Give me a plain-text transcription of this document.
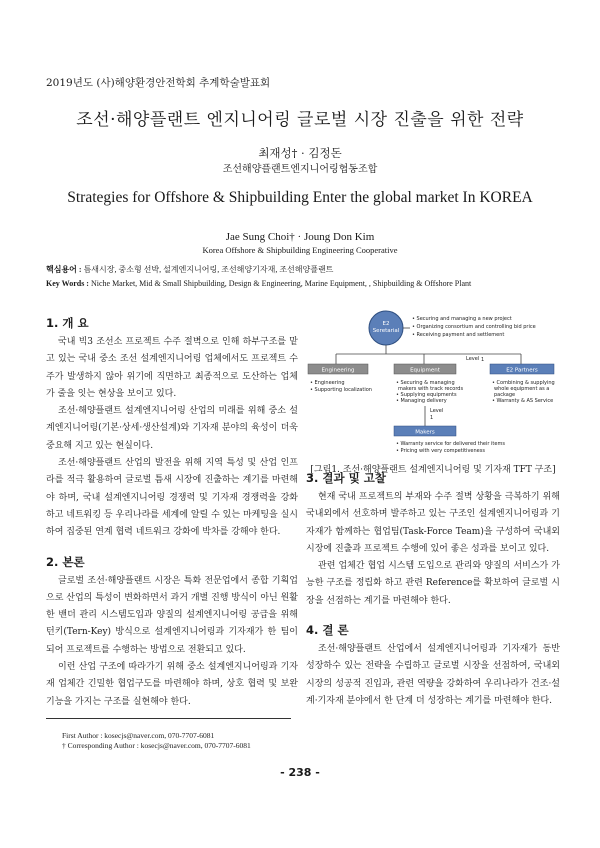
2019년도 (사)해양환경안전학회 추계학술발표회
조선·해양플랜트 엔지니어링 글로벌 시장 진출을 위한 전략
최재성† · 김정돈
조선해양플랜트엔지니어링협동조합
Strategies for Offshore & Shipbuilding Enter the global market In KOREA
Jae Sung Choi† · Joung Don Kim
Korea Offshore & Shipbuilding Engineering Cooperative
핵심용어 : 틈새시장, 중소형 선박, 설계엔지니어링, 조선해양기자재, 조선해양플랜트
Key Words : Niche Market, Mid & Small Shipbuilding, Design & Engineering, Marine Equipment, , Shipbuilding & Offshore Plant
1. 개 요

국내 빅3 조선소 프로젝트 수주 절벽으로 인해 하부구조를 맡고 있는 국내 중소 조선 설계엔지니어링 업체에서도 프로젝트 수주가 발생하지 않아 위기에 직면하고 최종적으로 도산하는 업체가 줄을 잇는 현상을 보이고 있다.

조선·해양플랜트 설계엔지니어링 산업의 미래를 위해 중소 설계엔지니어링(기본·상세·생산설계)와 기자재 분야의 육성이 더욱 중요해 지고 있는 현실이다.

조선·해양플랜트 산업의 발전을 위해 지역 특성 및 산업 인프라를 적극 활용하여 글로벌 틈새 시장에 진출하는 계기를 마련해야 하며, 국내 설계엔지니어링 경쟁력 및 기자재 경쟁력을 강화 하고 네트워킹 등 우리나라를 세계에 알릴 수 있는 마케팅을 실시하여 집중된 연계 협력 네트워크 강화에 박차를 강해야 한다.

2. 본론

글로벌 조선·해양플랜트 시장은 특화 전문업에서 종합 기획업으로 산업의 특성이 변화하면서 과거 개별 진행 방식이 아닌 원활한 밴더 관리 시스템도입과 양질의 설계엔지니어링 공급을 위해 턴키(Tern-Key) 방식으로 설계엔지니어링과 기자재가 한 팀이 되어 프로젝트를 수행하는 방법으로 전환되고 있다.

이런 산업 구조에 따라가기 위해 중소 설계엔지니어링과 기자재 업체간 긴밀한 협업구도를 마련해야 하며, 상호 협력 및 보완 기능을 가지는 구조를 실현해야 한다.

E2
Seretarial
• Securing and managing a new project
• Organizing consortium and controlling bid price
• Receiving payment and settlement
Level 1
Engineering	Equipment	E2 Partners
• Engineering
• Supporting localization
• Securing & managing
makers with track records
• Supplying equipments
• Managing delivery
• Combining & supplying
whole equipment as a
package
• Warranty & AS Service
Level
1
Makers
• Warranty service for delivered their items
• Pricing with very competitiveness
[그림1. 조선·해양플랜트 설계엔지니어링 및 기자재 TFT 구조]
3. 결과 및 고찰

현재 국내 프로젝트의 부재와 수주 절벽 상황을 극복하기 위해 국내외에서 선호하며 발주하고 있는 구조인 설계엔지니어링과 기자재가 함께하는 협업팀(Task-Force Team)을 구성하여 국내외 시장에 진출과 프로젝트 수행에 있어 좋은 성과를 보이고 있다.

관련 업체간 협업 시스템 도입으로 관리와 양질의 서비스가 가능한 구조를 정립화 하고 관련 Reference를 확보하여 글로벌 시장을 선점하는 계기를 마련해야 한다.

4. 결 론

조선·해양플랜트 산업에서 설계엔지니어링과 기자재가 동반 성장하수 있는 전략을 수립하고 글로벌 시장을 선점하여, 국내외 시장의 성공적 진입과, 관련 역량을 강화하여 우리나라가 건조·설계·기자재 분야에서 한 단계 더 성장하는 계기를 마련해야 한다.

First Author : kosecjs@naver.com, 070-7707-6081
† Corresponding Author : kosecjs@naver.com, 070-7707-6081
- 238 -
